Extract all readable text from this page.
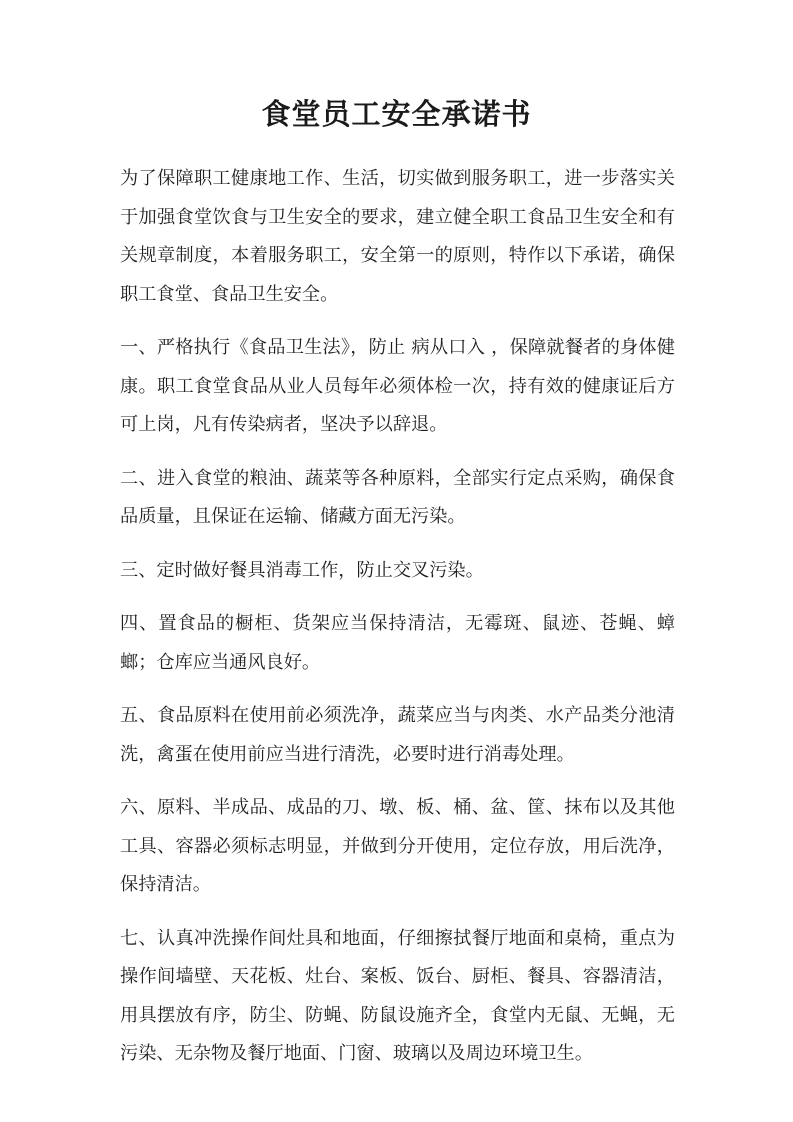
食堂员工安全承诺书

为了保障职工健康地工作、生活，切实做到服务职工，进一步落实关于加强食堂饮食与卫生安全的要求，建立健全职工食品卫生安全和有关规章制度，本着服务职工，安全第一的原则，特作以下承诺，确保职工食堂、食品卫生安全。

一、严格执行《食品卫生法》，防止 病从口入 ，保障就餐者的身体健康。职工食堂食品从业人员每年必须体检一次，持有效的健康证后方可上岗，凡有传染病者，坚决予以辞退。

二、进入食堂的粮油、蔬菜等各种原料，全部实行定点采购，确保食品质量，且保证在运输、储藏方面无污染。

三、定时做好餐具消毒工作，防止交叉污染。

四、置食品的橱柜、货架应当保持清洁，无霉斑、鼠迹、苍蝇、蟑螂；仓库应当通风良好。

五、食品原料在使用前必须洗净，蔬菜应当与肉类、水产品类分池清洗，禽蛋在使用前应当进行清洗，必要时进行消毒处理。

六、原料、半成品、成品的刀、墩、板、桶、盆、筐、抹布以及其他工具、容器必须标志明显，并做到分开使用，定位存放，用后洗净，保持清洁。

七、认真冲洗操作间灶具和地面，仔细擦拭餐厅地面和桌椅，重点为操作间墙壁、天花板、灶台、案板、饭台、厨柜、餐具、容器清洁，用具摆放有序，防尘、防蝇、防鼠设施齐全，食堂内无鼠、无蝇，无污染、无杂物及餐厅地面、门窗、玻璃以及周边环境卫生。
